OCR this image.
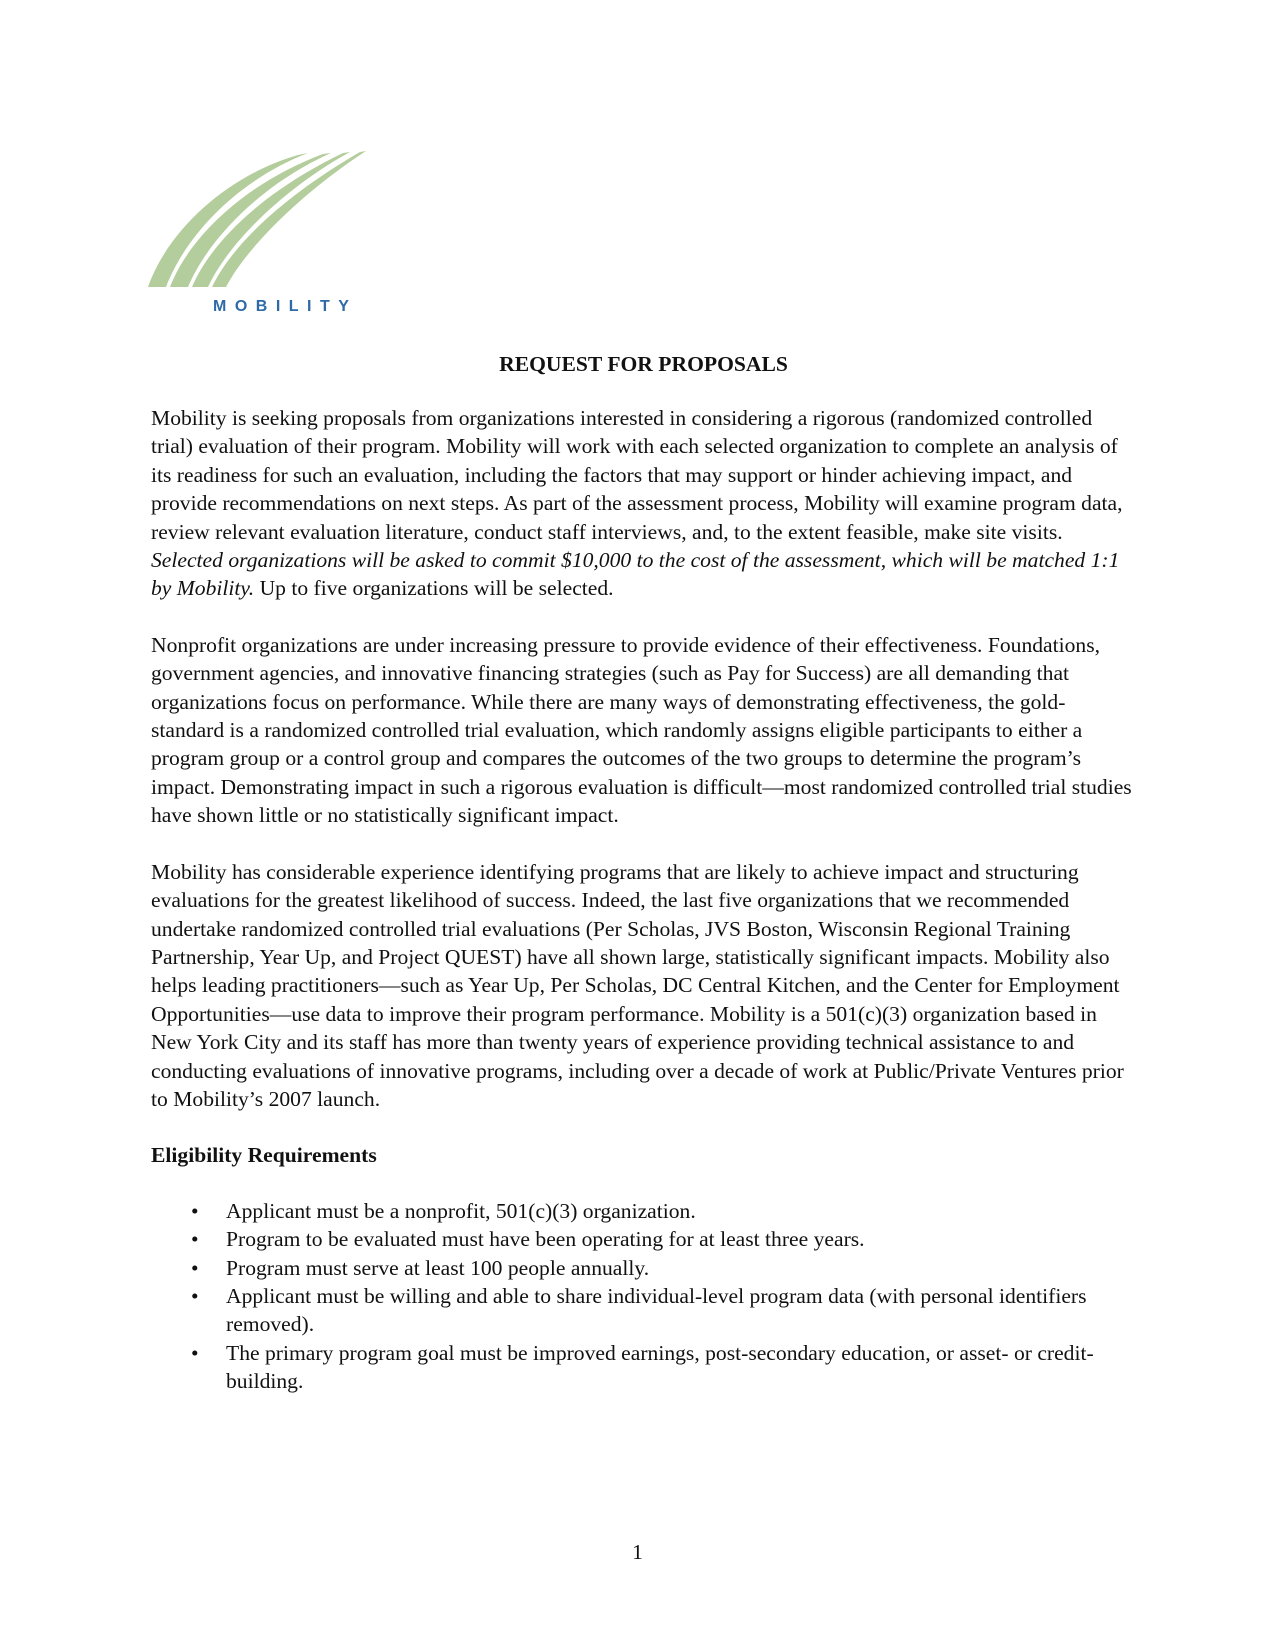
MOBILITY
REQUEST FOR PROPOSALS

Mobility is seeking proposals from organizations interested in considering a rigorous (randomized controlled trial) evaluation of their program. Mobility will work with each selected organization to complete an analysis of its readiness for such an evaluation, including the factors that may support or hinder achieving impact, and provide recommendations on next steps. As part of the assessment process, Mobility will examine program data, review relevant evaluation literature, conduct staff interviews, and, to the extent feasible, make site visits. Selected organizations will be asked to commit $10,000 to the cost of the assessment, which will be matched 1:1 by Mobility. Up to five organizations will be selected.

Nonprofit organizations are under increasing pressure to provide evidence of their effectiveness. Foundations, government agencies, and innovative financing strategies (such as Pay for Success) are all demanding that organizations focus on performance. While there are many ways of demonstrating effectiveness, the gold-standard is a randomized controlled trial evaluation, which randomly assigns eligible participants to either a program group or a control group and compares the outcomes of the two groups to determine the program’s impact. Demonstrating impact in such a rigorous evaluation is difficult—most randomized controlled trial studies have shown little or no statistically significant impact.

Mobility has considerable experience identifying programs that are likely to achieve impact and structuring evaluations for the greatest likelihood of success. Indeed, the last five organizations that we recommended undertake randomized controlled trial evaluations (Per Scholas, JVS Boston, Wisconsin Regional Training Partnership, Year Up, and Project QUEST) have all shown large, statistically significant impacts. Mobility also helps leading practitioners—such as Year Up, Per Scholas, DC Central Kitchen, and the Center for Employment Opportunities—use data to improve their program performance. Mobility is a 501(c)(3) organization based in New York City and its staff has more than twenty years of experience providing technical assistance to and conducting evaluations of innovative programs, including over a decade of work at Public/Private Ventures prior to Mobility’s 2007 launch.

Eligibility Requirements
• Applicant must be a nonprofit, 501(c)(3) organization.
• Program to be evaluated must have been operating for at least three years.
• Program must serve at least 100 people annually.
• Applicant must be willing and able to share individual-level program data (with personal identifiers removed).
• The primary program goal must be improved earnings, post-secondary education, or asset- or credit-building.
1
